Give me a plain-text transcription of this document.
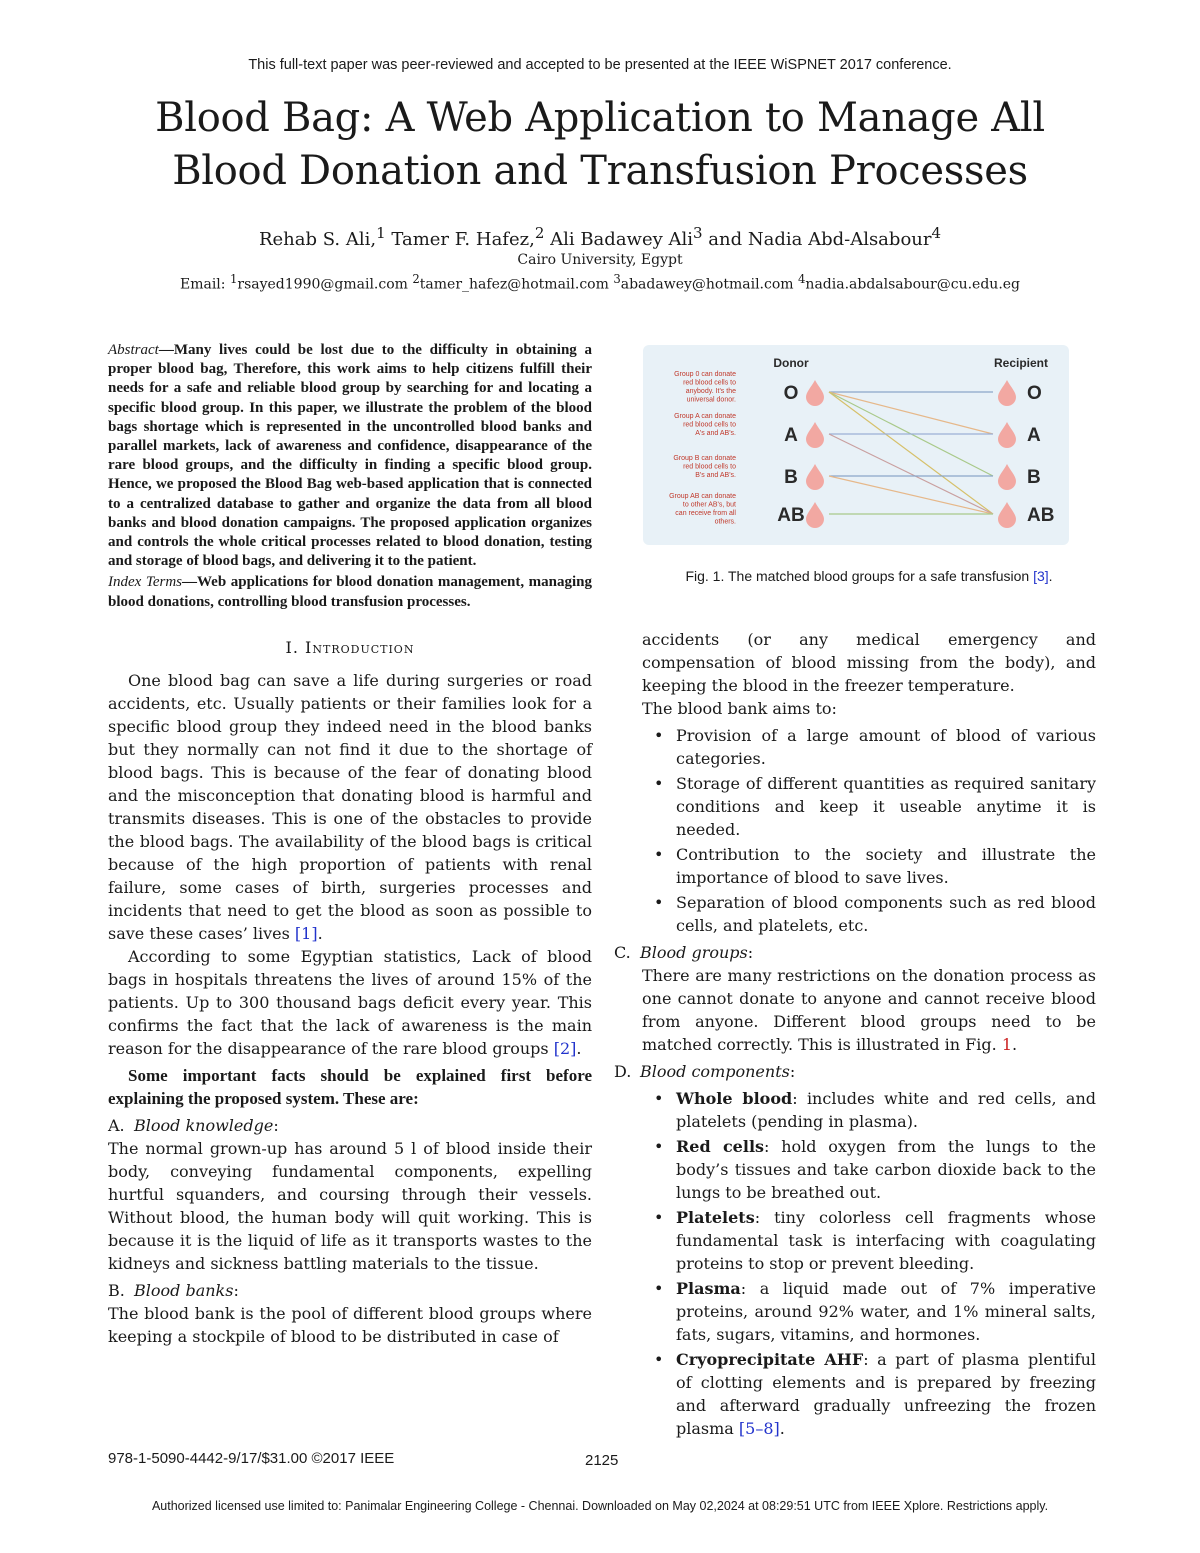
This full-text paper was peer-reviewed and accepted to be presented at the IEEE WiSPNET 2017 conference.
Blood Bag: A Web Application to Manage All
Blood Donation and Transfusion Processes
Rehab S. Ali,$^1$ Tamer F. Hafez,$^2$ Ali Badawey Ali$^3$ and Nadia Abd-Alsabour$^4$
Cairo University, Egypt
Email: $^1$rsayed1990@gmail.com $^2$tamer_hafez@hotmail.com $^3$abadawey@hotmail.com $^4$nadia.abdalsabour@cu.edu.eg

Abstract—Many lives could be lost due to the difficulty in obtaining a proper blood bag, Therefore, this work aims to help citizens fulfill their needs for a safe and reliable blood group by searching for and locating a specific blood group. In this paper, we illustrate the problem of the blood bags shortage which is represented in the uncontrolled blood banks and parallel markets, lack of awareness and confidence, disappearance of the rare blood groups, and the difficulty in finding a specific blood group. Hence, we proposed the Blood Bag web-based application that is connected to a centralized database to gather and organize the data from all blood banks and blood donation campaigns. The proposed application organizes and controls the whole critical processes related to blood donation, testing and storage of blood bags, and delivering it to the patient.

Index Terms—Web applications for blood donation management, managing blood donations, controlling blood transfusion processes.

I. Introduction

One blood bag can save a life during surgeries or road accidents, etc. Usually patients or their families look for a specific blood group they indeed need in the blood banks but they normally can not find it due to the shortage of blood bags. This is because of the fear of donating blood and the misconception that donating blood is harmful and transmits diseases. This is one of the obstacles to provide the blood bags. The availability of the blood bags is critical because of the high proportion of patients with renal failure, some cases of birth, surgeries processes and incidents that need to get the blood as soon as possible to save these cases’ lives [1].

According to some Egyptian statistics, Lack of blood bags in hospitals threatens the lives of around 15% of the patients. Up to 300 thousand bags deficit every year. This confirms the fact that the lack of awareness is the main reason for the disappearance of the rare blood groups [2].

Some important facts should be explained first before explaining the proposed system. These are:

A. Blood knowledge:

The normal grown-up has around 5 l of blood inside their body, conveying fundamental components, expelling hurtful squanders, and coursing through their vessels. Without blood, the human body will quit working. This is because it is the liquid of life as it transports wastes to the kidneys and sickness battling materials to the tissue.

B. Blood banks:

The blood bank is the pool of different blood groups where keeping a stockpile of blood to be distributed in case of

Donor	Recipient
O	O
A	A
B	B
AB	AB
Group 0 can donate red blood cells to anybody. It's the universal donor.
Group A can donate red blood cells to A's and AB's.
Group B can donate red blood cells to B's and AB's.
Group AB can donate to other AB's, but can receive from all others.
Fig. 1. The matched blood groups for a safe transfusion [3].

accidents (or any medical emergency and compensation of blood missing from the body), and keeping the blood in the freezer temperature.

The blood bank aims to:

• Provision of a large amount of blood of various categories.
• Storage of different quantities as required sanitary conditions and keep it useable anytime it is needed.
• Contribution to the society and illustrate the importance of blood to save lives.
• Separation of blood components such as red blood cells, and platelets, etc.
C. Blood groups:

There are many restrictions on the donation process as one cannot donate to anyone and cannot receive blood from anyone. Different blood groups need to be matched correctly. This is illustrated in Fig. 1.

D. Blood components:
• Whole blood: includes white and red cells, and platelets (pending in plasma).
• Red cells: hold oxygen from the lungs to the body’s tissues and take carbon dioxide back to the lungs to be breathed out.
• Platelets: tiny colorless cell fragments whose fundamental task is interfacing with coagulating proteins to stop or prevent bleeding.
• Plasma: a liquid made out of 7% imperative proteins, around 92% water, and 1% mineral salts, fats, sugars, vitamins, and hormones.
• Cryoprecipitate AHF: a part of plasma plentiful of clotting elements and is prepared by freezing and afterward gradually unfreezing the frozen plasma [5–8].
978-1-5090-4442-9/17/$31.00 ©2017 IEEE	2125
Authorized licensed use limited to: Panimalar Engineering College - Chennai. Downloaded on May 02,2024 at 08:29:51 UTC from IEEE Xplore. Restrictions apply.
